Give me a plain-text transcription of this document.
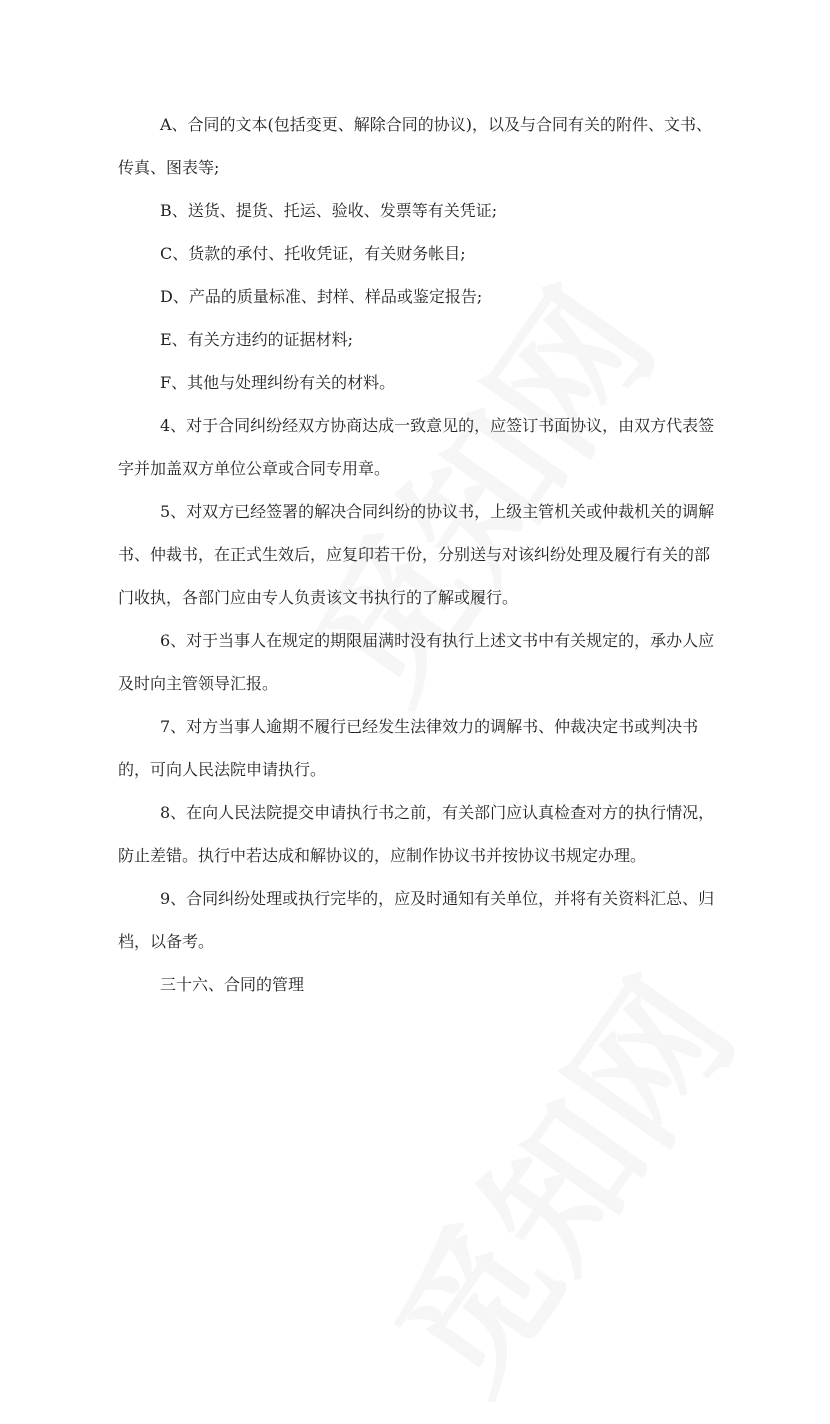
A、合同的文本(包括变更、解除合同的协议)，以及与合同有关的附件、文书、传真、图表等;

B、送货、提货、托运、验收、发票等有关凭证;

C、货款的承付、托收凭证，有关财务帐目;

D、产品的质量标准、封样、样品或鉴定报告;

E、有关方违约的证据材料;

F、其他与处理纠纷有关的材料。

4、对于合同纠纷经双方协商达成一致意见的，应签订书面协议，由双方代表签字并加盖双方单位公章或合同专用章。

5、对双方已经签署的解决合同纠纷的协议书，上级主管机关或仲裁机关的调解书、仲裁书，在正式生效后，应复印若干份，分别送与对该纠纷处理及履行有关的部门收执，各部门应由专人负责该文书执行的了解或履行。

6、对于当事人在规定的期限届满时没有执行上述文书中有关规定的，承办人应及时向主管领导汇报。

7、对方当事人逾期不履行已经发生法律效力的调解书、仲裁决定书或判决书的，可向人民法院申请执行。

8、在向人民法院提交申请执行书之前，有关部门应认真检查对方的执行情况，防止差错。执行中若达成和解协议的，应制作协议书并按协议书规定办理。

9、合同纠纷处理或执行完毕的，应及时通知有关单位，并将有关资料汇总、归档，以备考。

三十六、合同的管理
